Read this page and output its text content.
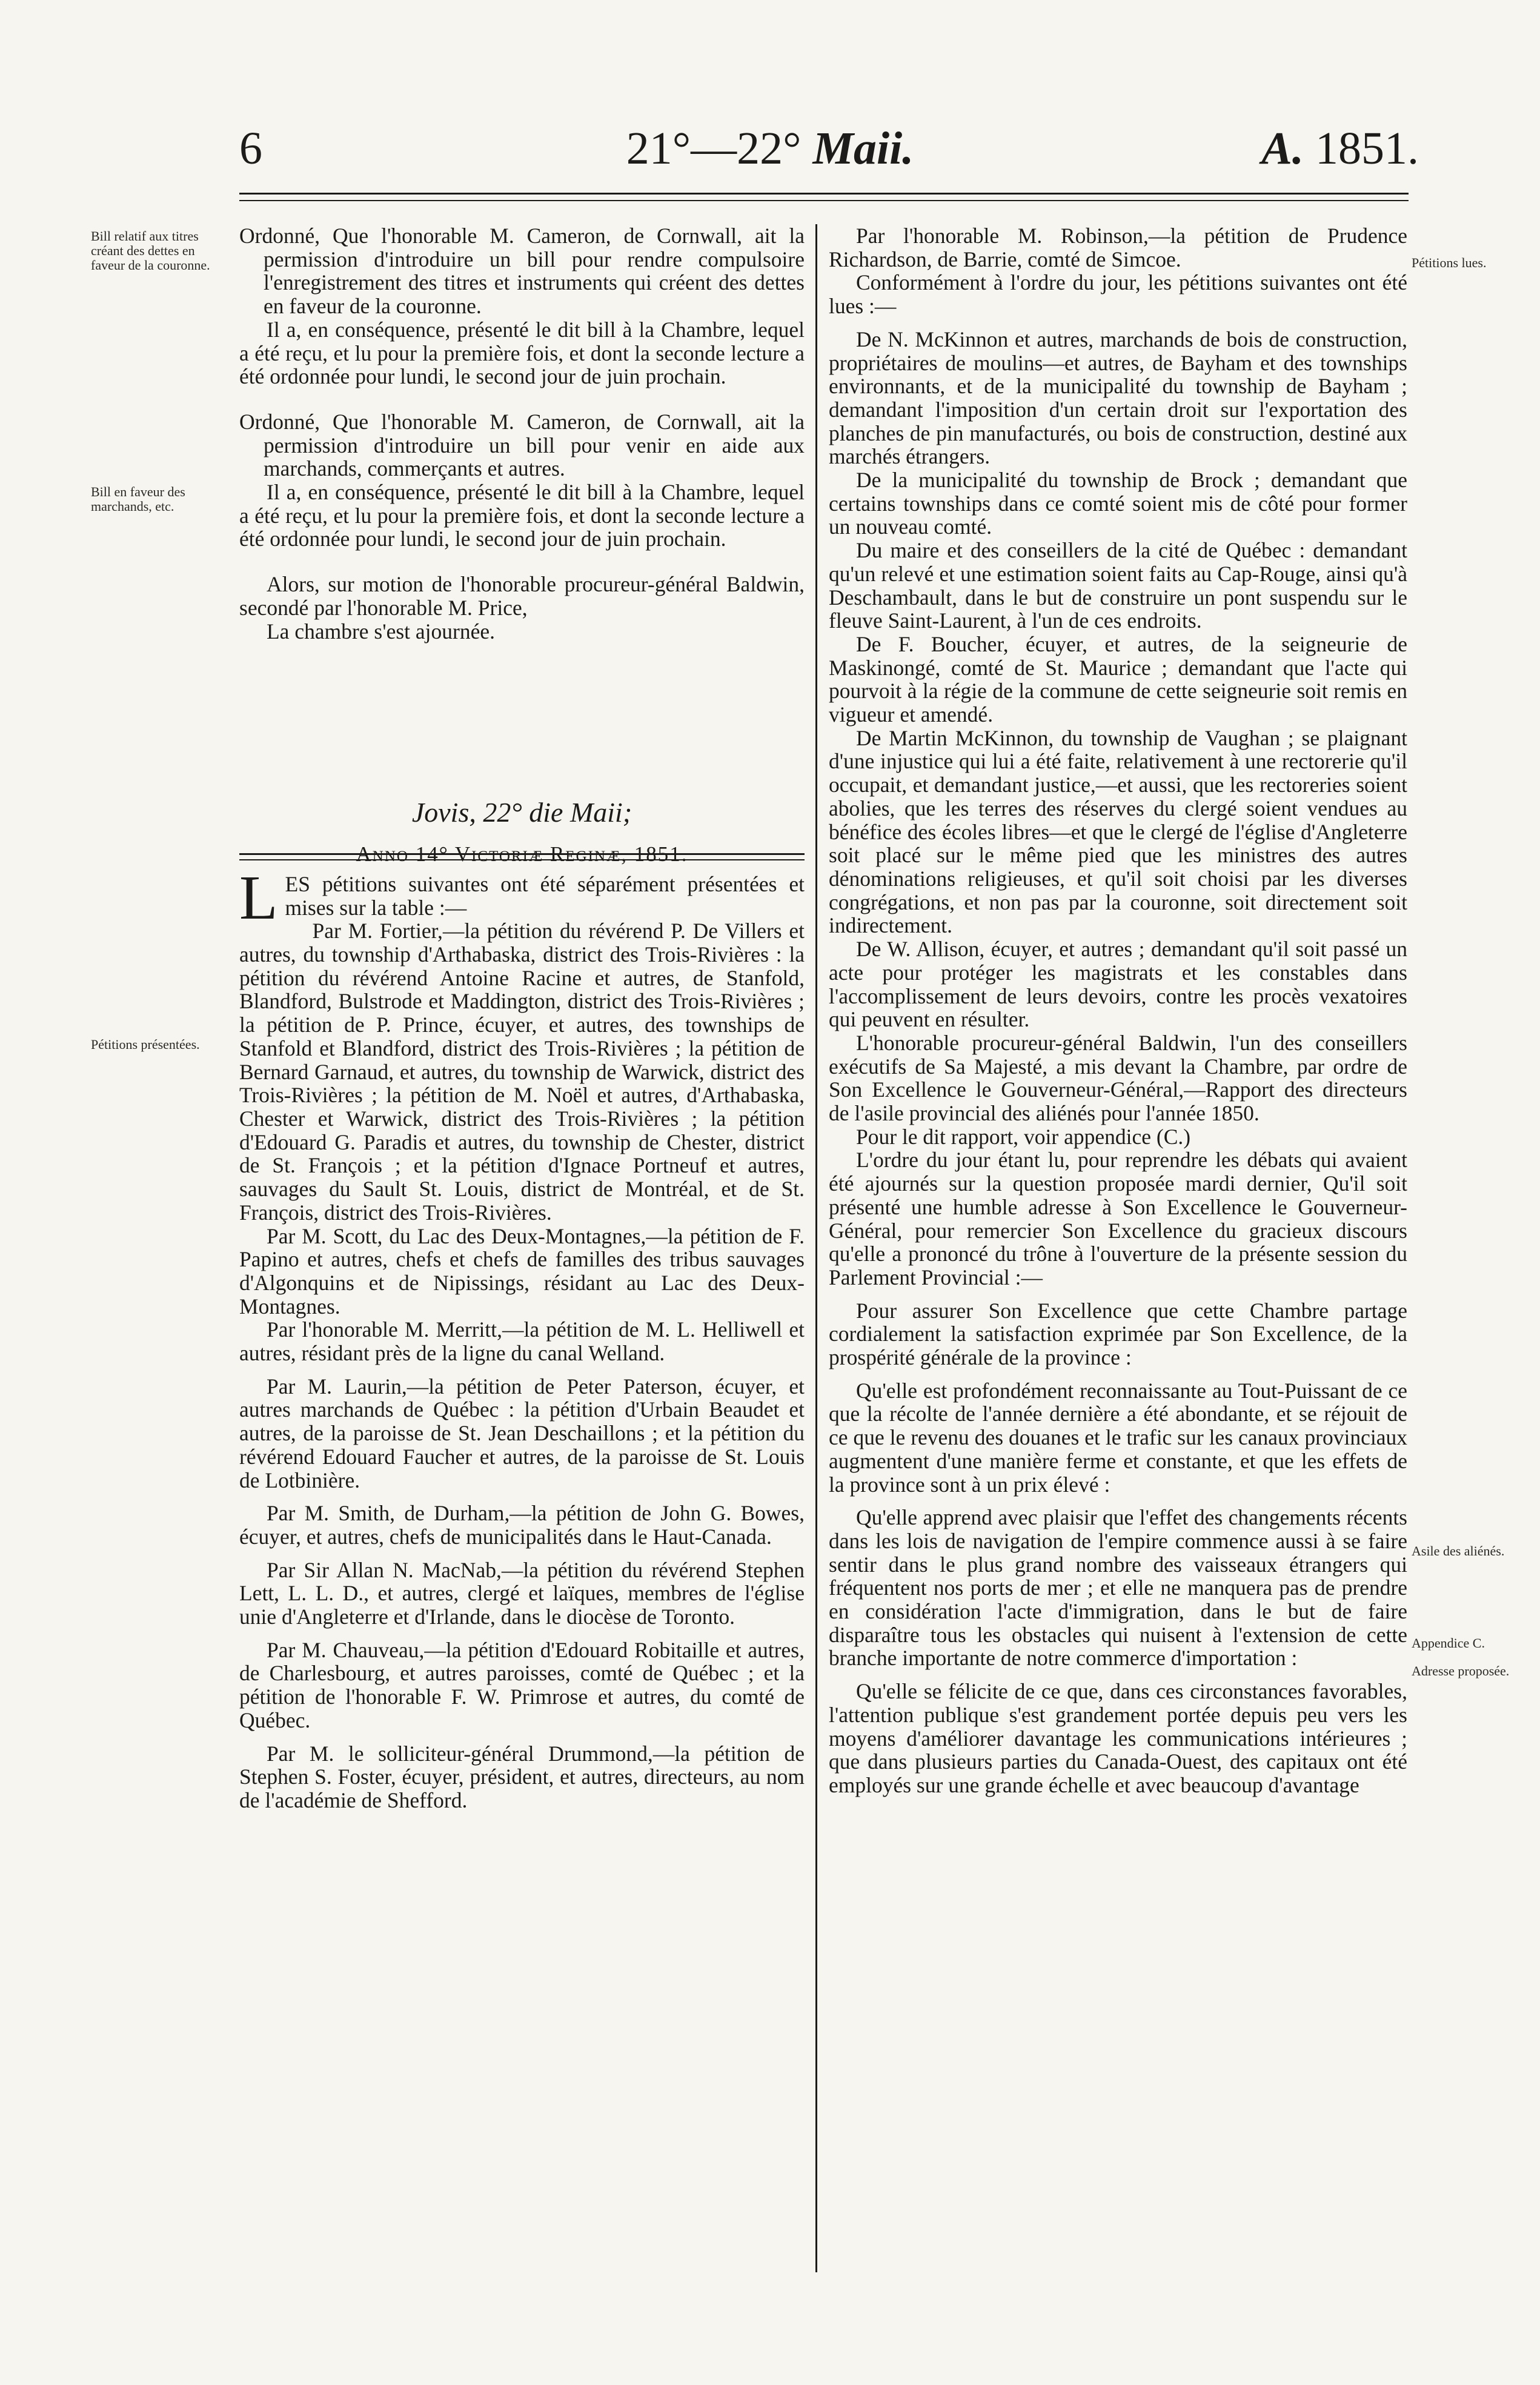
6	21°—22° Maii.	A. 1851.
Bill relatif aux titres créant des dettes en faveur de la couronne.
Bill en faveur des marchands, etc.
Pétitions présentées.
Pétitions lues.
Asile des aliénés.
Appendice C.
Adresse proposée.

Ordonné, Que l'honorable M. Cameron, de Cornwall, ait la permission d'introduire un bill pour rendre compulsoire l'enregistrement des titres et instruments qui créent des dettes en faveur de la couronne.

Il a, en conséquence, présenté le dit bill à la Chambre, lequel a été reçu, et lu pour la première fois, et dont la seconde lecture a été ordonnée pour lundi, le second jour de juin prochain.

Ordonné, Que l'honorable M. Cameron, de Cornwall, ait la permission d'introduire un bill pour venir en aide aux marchands, commerçants et autres.

Il a, en conséquence, présenté le dit bill à la Chambre, lequel a été reçu, et lu pour la première fois, et dont la seconde lecture a été ordonnée pour lundi, le second jour de juin prochain.

Alors, sur motion de l'honorable procureur-général Baldwin, secondé par l'honorable M. Price,

La chambre s'est ajournée.

Jovis, 22° die Maii;
Anno 14° Victoriæ Reginæ, 1851.

L ES pétitions suivantes ont été séparément présentées et mises sur la table :—

Par M. Fortier,—la pétition du révérend P. De Villers et autres, du township d'Arthabaska, district des Trois-Rivières : la pétition du révérend Antoine Racine et autres, de Stanfold, Blandford, Bulstrode et Maddington, district des Trois-Rivières ; la pétition de P. Prince, écuyer, et autres, des townships de Stanfold et Blandford, district des Trois-Rivières ; la pétition de Bernard Garnaud, et autres, du township de Warwick, district des Trois-Rivières ; la pétition de M. Noël et autres, d'Arthabaska, Chester et Warwick, district des Trois-Rivières ; la pétition d'Edouard G. Paradis et autres, du township de Chester, district de St. François ; et la pétition d'Ignace Portneuf et autres, sauvages du Sault St. Louis, district de Montréal, et de St. François, district des Trois-Rivières.

Par M. Scott, du Lac des Deux-Montagnes,—la pétition de F. Papino et autres, chefs et chefs de familles des tribus sauvages d'Algonquins et de Nipissings, résidant au Lac des Deux-Montagnes.

Par l'honorable M. Merritt,—la pétition de M. L. Helliwell et autres, résidant près de la ligne du canal Welland.

Par M. Laurin,—la pétition de Peter Paterson, écuyer, et autres marchands de Québec : la pétition d'Urbain Beaudet et autres, de la paroisse de St. Jean Deschaillons ; et la pétition du révérend Edouard Faucher et autres, de la paroisse de St. Louis de Lotbinière.

Par M. Smith, de Durham,—la pétition de John G. Bowes, écuyer, et autres, chefs de municipalités dans le Haut-Canada.

Par Sir Allan N. MacNab,—la pétition du révérend Stephen Lett, L. L. D., et autres, clergé et laïques, membres de l'église unie d'Angleterre et d'Irlande, dans le diocèse de Toronto.

Par M. Chauveau,—la pétition d'Edouard Robitaille et autres, de Charlesbourg, et autres paroisses, comté de Québec ; et la pétition de l'honorable F. W. Primrose et autres, du comté de Québec.

Par M. le solliciteur-général Drummond,—la pétition de Stephen S. Foster, écuyer, président, et autres, directeurs, au nom de l'académie de Shefford.

Par l'honorable M. Robinson,—la pétition de Prudence Richardson, de Barrie, comté de Simcoe.

Conformément à l'ordre du jour, les pétitions suivantes ont été lues :—

De N. McKinnon et autres, marchands de bois de construction, propriétaires de moulins—et autres, de Bayham et des townships environnants, et de la municipalité du township de Bayham ; demandant l'imposition d'un certain droit sur l'exportation des planches de pin manufacturés, ou bois de construction, destiné aux marchés étrangers.

De la municipalité du township de Brock ; demandant que certains townships dans ce comté soient mis de côté pour former un nouveau comté.

Du maire et des conseillers de la cité de Québec : demandant qu'un relevé et une estimation soient faits au Cap-Rouge, ainsi qu'à Deschambault, dans le but de construire un pont suspendu sur le fleuve Saint-Laurent, à l'un de ces endroits.

De F. Boucher, écuyer, et autres, de la seigneurie de Maskinongé, comté de St. Maurice ; demandant que l'acte qui pourvoit à la régie de la commune de cette seigneurie soit remis en vigueur et amendé.

De Martin McKinnon, du township de Vaughan ; se plaignant d'une injustice qui lui a été faite, relativement à une rectorerie qu'il occupait, et demandant justice,—et aussi, que les rectoreries soient abolies, que les terres des réserves du clergé soient vendues au bénéfice des écoles libres—et que le clergé de l'église d'Angleterre soit placé sur le même pied que les ministres des autres dénominations religieuses, et qu'il soit choisi par les diverses congrégations, et non pas par la couronne, soit directement soit indirectement.

De W. Allison, écuyer, et autres ; demandant qu'il soit passé un acte pour protéger les magistrats et les constables dans l'accomplissement de leurs devoirs, contre les procès vexatoires qui peuvent en résulter.

L'honorable procureur-général Baldwin, l'un des conseillers exécutifs de Sa Majesté, a mis devant la Chambre, par ordre de Son Excellence le Gouverneur-Général,—Rapport des directeurs de l'asile provincial des aliénés pour l'année 1850.

Pour le dit rapport, voir appendice (C.)

L'ordre du jour étant lu, pour reprendre les débats qui avaient été ajournés sur la question proposée mardi dernier, Qu'il soit présenté une humble adresse à Son Excellence le Gouverneur-Général, pour remercier Son Excellence du gracieux discours qu'elle a prononcé du trône à l'ouverture de la présente session du Parlement Provincial :—

Pour assurer Son Excellence que cette Chambre partage cordialement la satisfaction exprimée par Son Excellence, de la prospérité générale de la province :

Qu'elle est profondément reconnaissante au Tout-Puissant de ce que la récolte de l'année dernière a été abondante, et se réjouit de ce que le revenu des douanes et le trafic sur les canaux provinciaux augmentent d'une manière ferme et constante, et que les effets de la province sont à un prix élevé :

Qu'elle apprend avec plaisir que l'effet des changements récents dans les lois de navigation de l'empire commence aussi à se faire sentir dans le plus grand nombre des vaisseaux étrangers qui fréquentent nos ports de mer ; et elle ne manquera pas de prendre en considération l'acte d'immigration, dans le but de faire disparaître tous les obstacles qui nuisent à l'extension de cette branche importante de notre commerce d'importation :

Qu'elle se félicite de ce que, dans ces circonstances favorables, l'attention publique s'est grandement portée depuis peu vers les moyens d'améliorer davantage les communications intérieures ; que dans plusieurs parties du Canada-Ouest, des capitaux ont été employés sur une grande échelle et avec beaucoup d'avantage
